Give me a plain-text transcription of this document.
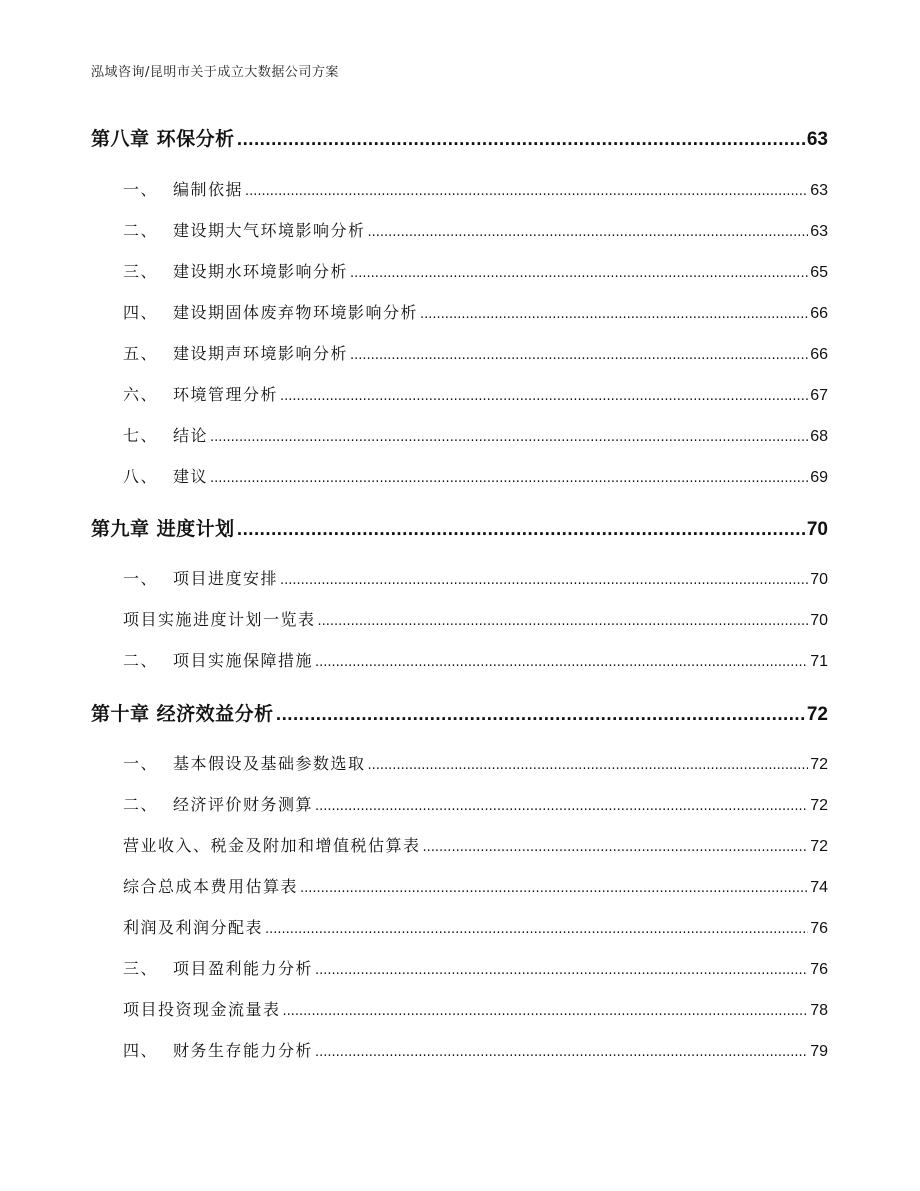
泓域咨询/昆明市关于成立大数据公司方案
第八章 环保分析 .....	63
一、 编制依据 .....	63
二、 建设期大气环境影响分析 .....	63
三、 建设期水环境影响分析 .....	65
四、 建设期固体废弃物环境影响分析 .....	66
五、 建设期声环境影响分析 .....	66
六、 环境管理分析 .....	67
七、 结论 .....	68
八、 建议 .....	69
第九章 进度计划 .....	70
一、 项目进度安排 .....	70
项目实施进度计划一览表 .....	70
二、 项目实施保障措施 .....	71
第十章 经济效益分析 .....	72
一、 基本假设及基础参数选取 .....	72
二、 经济评价财务测算 .....	72
营业收入、税金及附加和增值税估算表 .....	72
综合总成本费用估算表 .....	74
利润及利润分配表 .....	76
三、 项目盈利能力分析 .....	76
项目投资现金流量表 .....	78
四、 财务生存能力分析 .....	79
